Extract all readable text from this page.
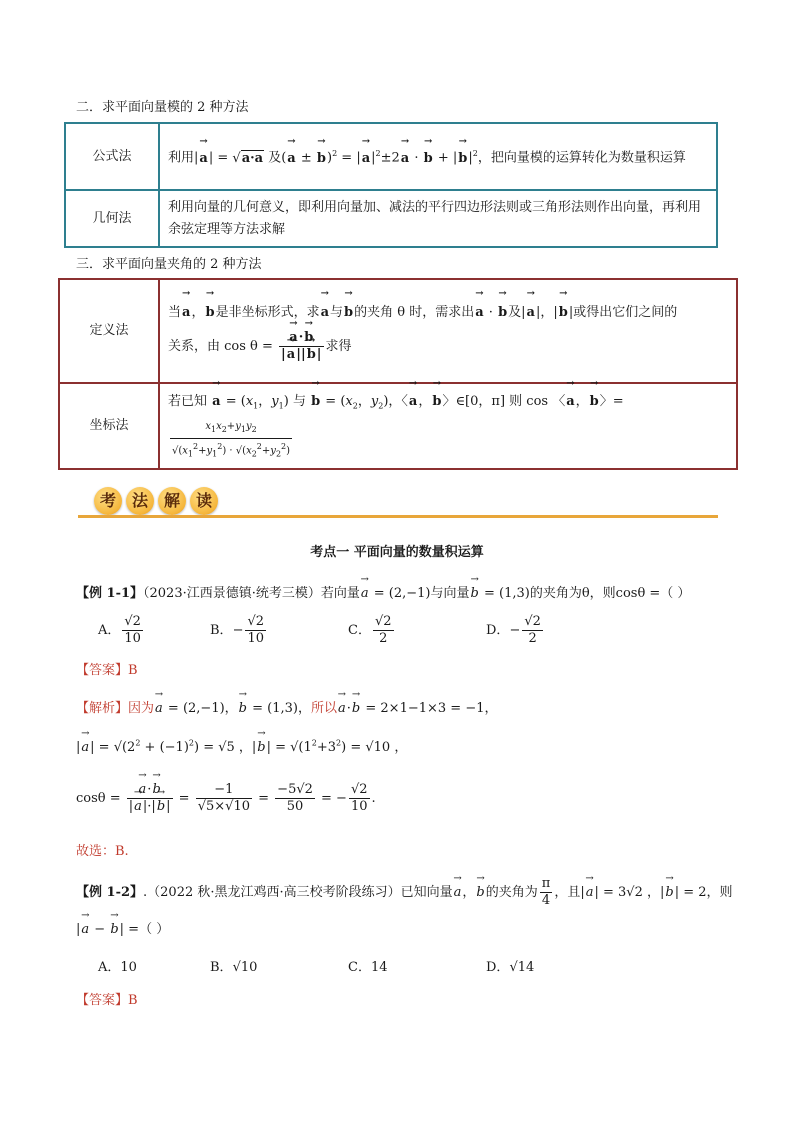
二．求平面向量模的 2 种方法
公式法	利用|→ a| = √a·a 及(→ a ± → b)$^2$ = |→ $a|^2\pm 2\to a$ · → b + |→ $b|^2$，把向量模的运算转化为数量积运算
几何法	利用向量的几何意义，即利用向量加、减法的平行四边形法则或三角形法则作出向量，再利用余弦定理等方法求解
三．求平面向量夹角的 2 种方法
定义法	当→ a，→ b是非坐标形式，求→ a与→ b的夹角 θ 时，需求出→ a · → b及|→ a|，|→ b|或得出它们之间的
关系，由 cos θ = → $\frac{a\cdot\to b}{|\to a||\to b|}$ 求得

坐标法	若已知 → $a = (x_1$，$y_1$) 与 → $b = (x_2$，$y_2$)，〈→ a，→ b〉∈[0，π] 则 cos 〈→ a，→ b〉=
$\frac{x_1x_2+y_1y_2}{√(x_1^2+y_1^2) \cdot √(x_2^2+y_2^2)}$
考 法 解 读
考点一 平面向量的数量积运算
【例 1-1】（2023·江西景德镇·统考三模）若向量→ a = (2,−1)与向量→ b = (1,3)的夹角为θ，则cosθ =（ ）
A． $\frac{√2}{10}$	B．− $\frac{√2}{10}$	C． $\frac{√2}{2}$	D．− $\frac{√2}{2}$
【答案】B
【解析】因为→ a = (2,−1)，→ b = (1,3)，所以→ a·→ b = 2×1−1×3 = −1，
|→ $a| = √(2^2 + (-1)^2) = √5$ ，|→ $b| = √(1^2+3^2) = √10$ ，
cosθ = → $\frac{a\cdot\to b}{|\to a|\cdot|\to b|} = \frac{-1}{√5\times√10} = \frac{-5√2}{50}$ = − $\frac{√2}{10}$ .
故选：B.
【例 1-2】.（2022 秋·黑龙江鸡西·高三校考阶段练习）已知向量→ a，→ b的夹角为 $\frac{\pi}{4}$ ，且|→ a| = 3√2 ，|→ b| = 2，则
|→ a − → b| =（ ）
A．10	B．√10	C．14	D．√14
【答案】B
